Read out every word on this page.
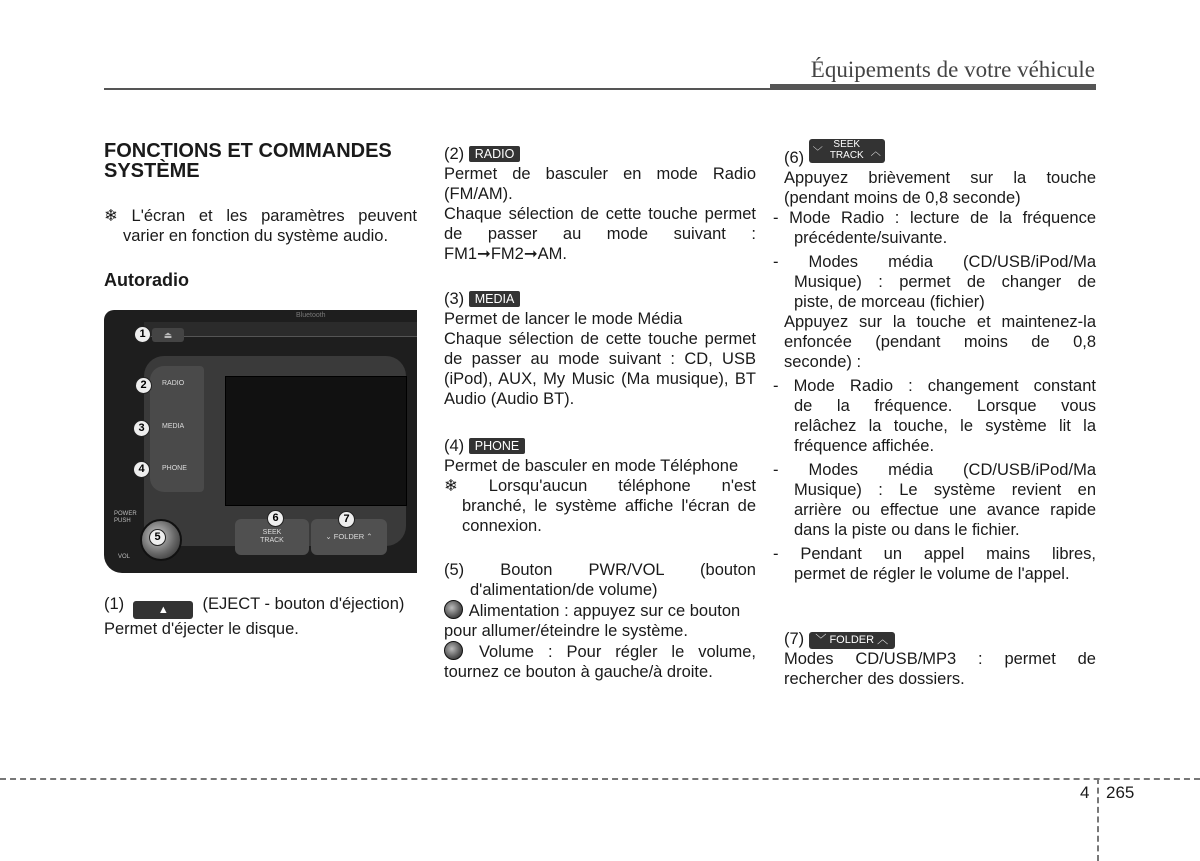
Équipements de votre véhicule
FONCTIONS ET COMMANDES
SYSTÈME
❄ L'écran et les paramètres peuvent
varier en fonction du système audio.
Autoradio
Bluetooth
⏏
RADIO
MEDIA
PHONE
POWER
PUSH
VOL
SEEK
TRACK	⌄ FOLDER ⌃
1
2
3
4
5
6	7
(1)	▲ (EJECT - bouton d'éjection)
Permet d'éjecter le disque.
(2) RADIO
Permet de basculer en mode Radio
(FM/AM).
Chaque sélection de cette touche permet
de passer au mode suivant :
FM1➞FM2➞AM.
(3) MEDIA
Permet de lancer le mode Média
Chaque sélection de cette touche permet
de passer au mode suivant : CD, USB
(iPod), AUX, My Music (Ma musique), BT
Audio (Audio BT).
(4) PHONE
Permet de basculer en mode Téléphone
❄ Lorsqu'aucun téléphone n'est
branché, le système affiche l'écran de
connexion.
(5) Bouton PWR/VOL (bouton
d'alimentation/de volume)
Alimentation : appuyez sur ce bouton
pour allumer/éteindre le système.
Volume : Pour régler le volume,
tournez ce bouton à gauche/à droite.
(6) ﹀
SEEK
TRACK ︿
Appuyez brièvement sur la touche
(pendant moins de 0,8 seconde)
- Mode Radio : lecture de la fréquence
précédente/suivante.
- Modes média (CD/USB/iPod/Ma
Musique) : permet de changer de
piste, de morceau (fichier)
Appuyez sur la touche et maintenez-la
enfoncée (pendant moins de 0,8
seconde) :
- Mode Radio : changement constant
de la fréquence. Lorsque vous
relâchez la touche, le système lit la
fréquence affichée.
- Modes média (CD/USB/iPod/Ma
Musique) : Le système revient en
arrière ou effectue une avance rapide
dans la piste ou dans le fichier.
- Pendant un appel mains libres,
permet de régler le volume de l'appel.
(7) ﹀ FOLDER ︿
Modes CD/USB/MP3 : permet de
rechercher des dossiers.
4 265
